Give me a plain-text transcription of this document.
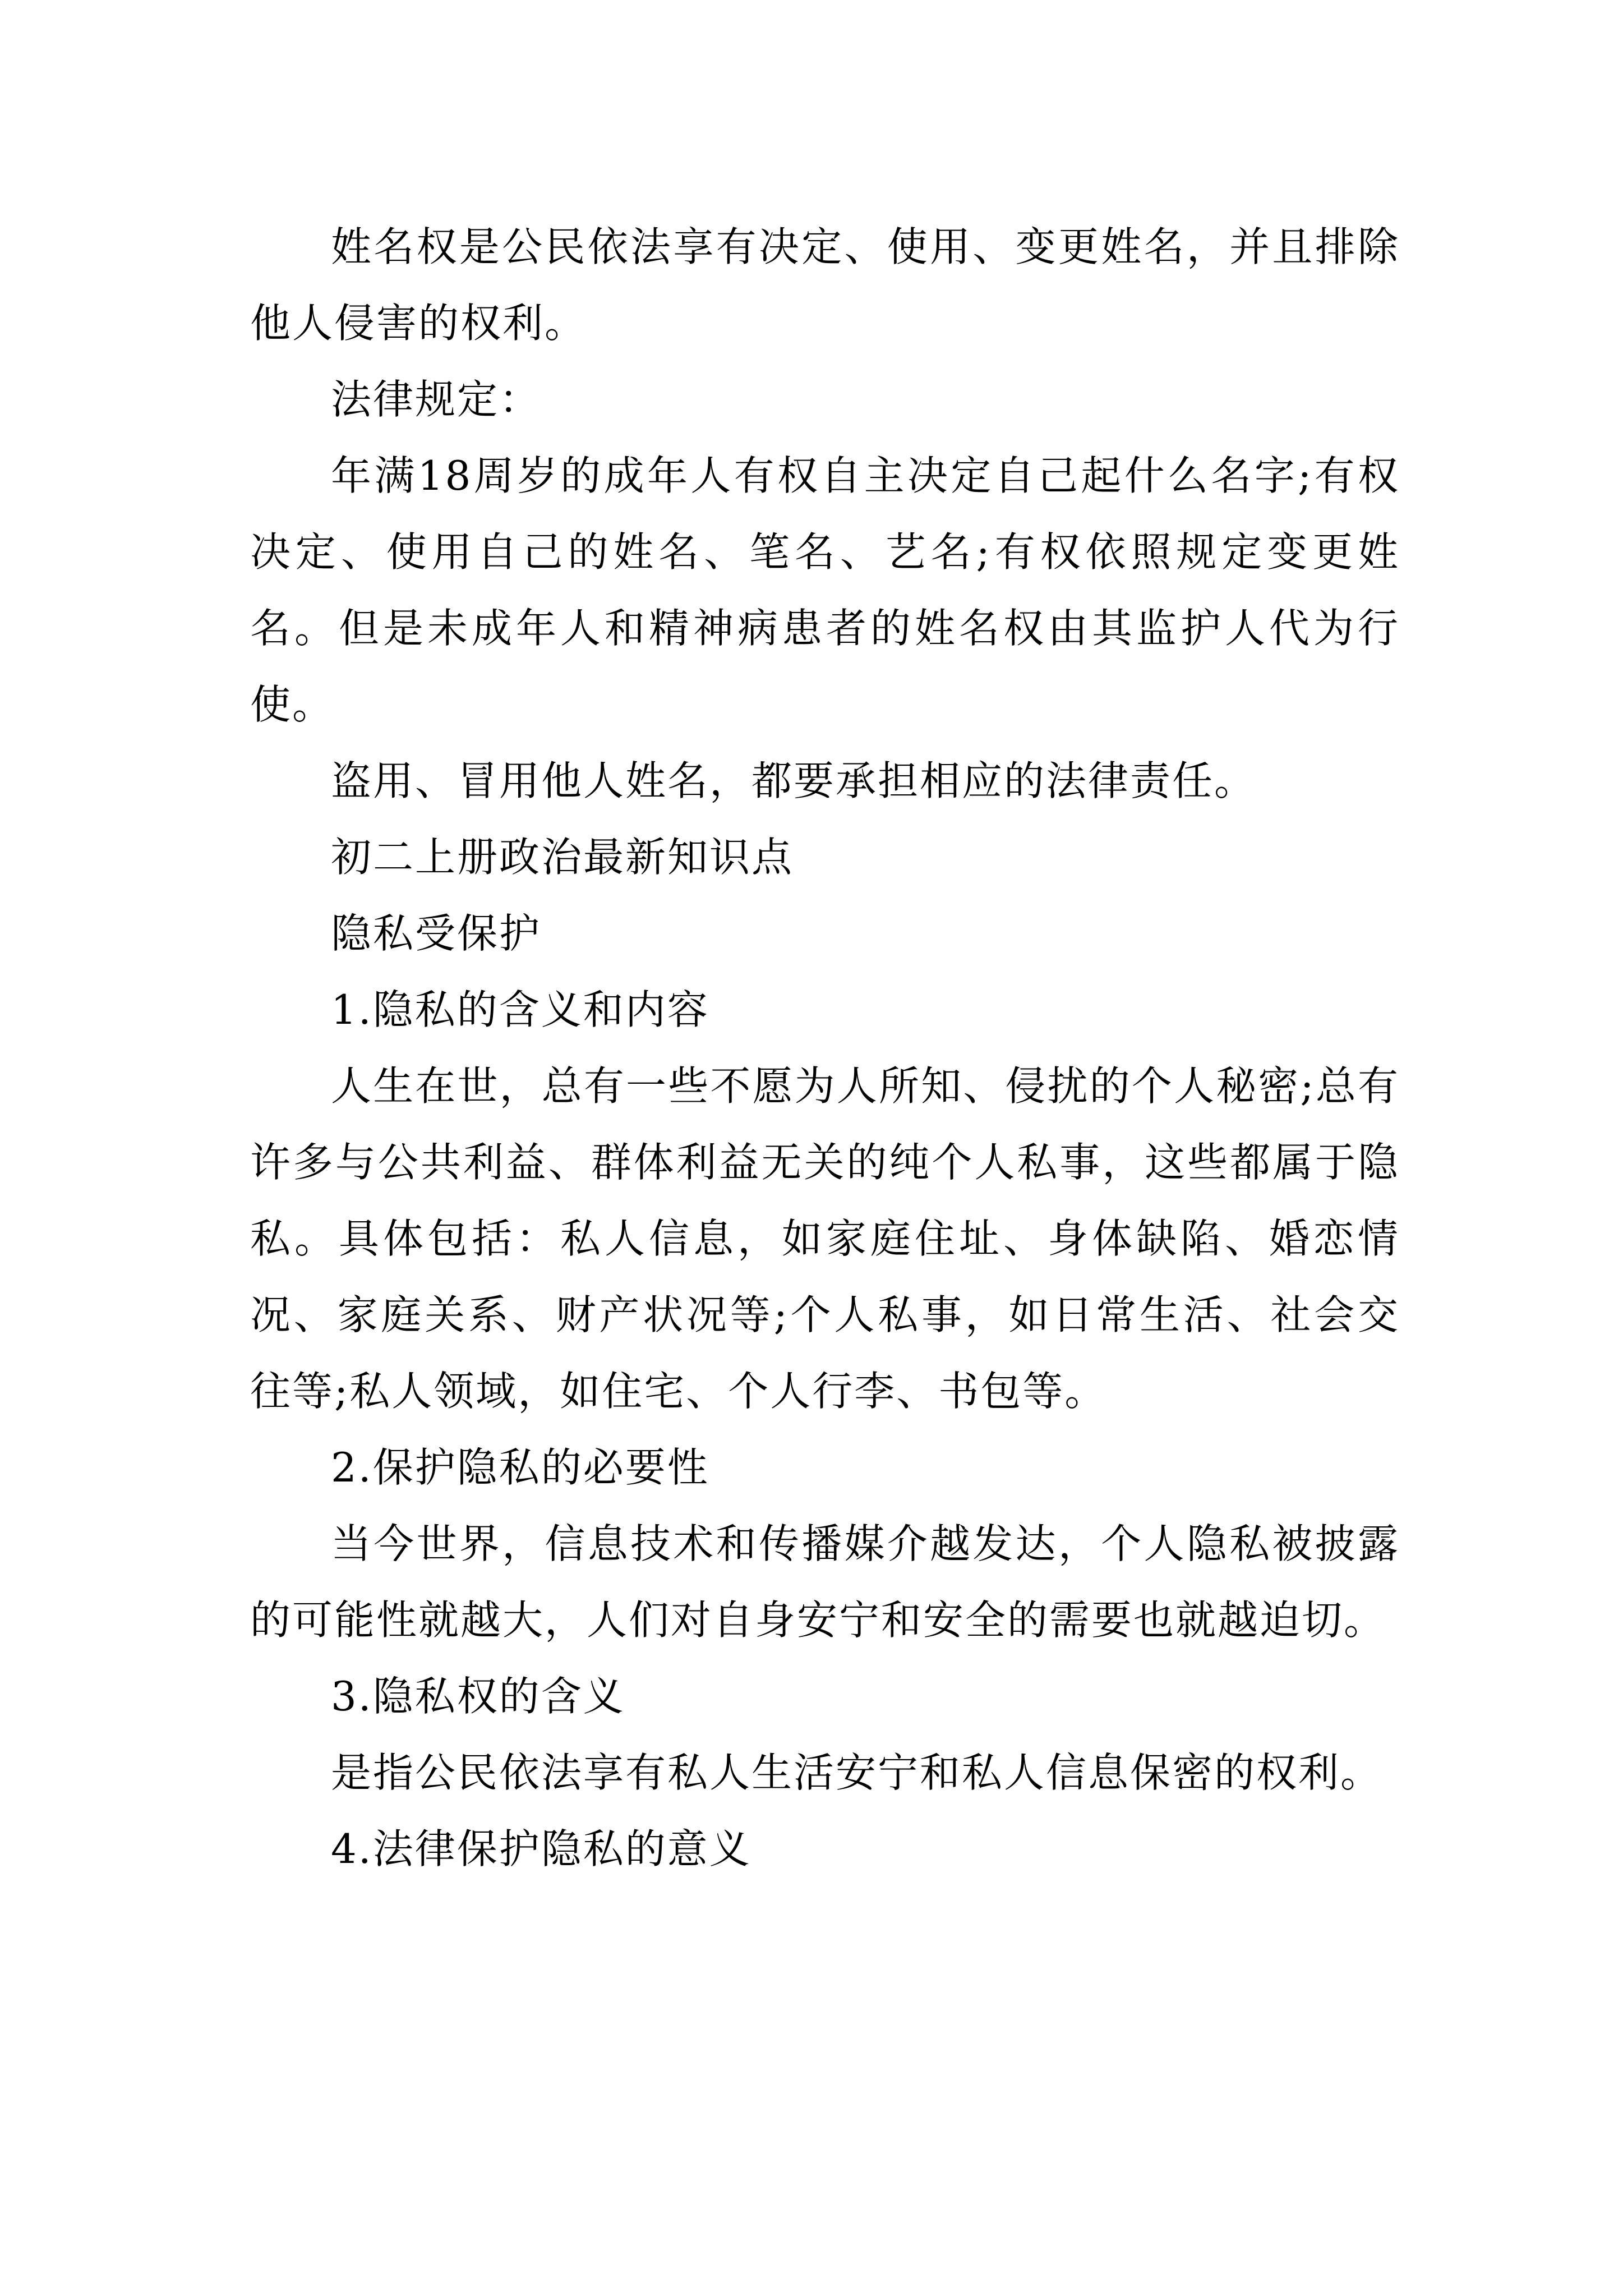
姓名权是公民依法享有决定、使用、变更姓名，并且排除他人侵害的权利。

法律规定：

年满18周岁的成年人有权自主决定自己起什么名字;有权决定、使用自己的姓名、笔名、艺名;有权依照规定变更姓名。但是未成年人和精神病患者的姓名权由其监护人代为行使。

盗用、冒用他人姓名，都要承担相应的法律责任。

初二上册政治最新知识点

隐私受保护

1.隐私的含义和内容

人生在世，总有一些不愿为人所知、侵扰的个人秘密;总有许多与公共利益、群体利益无关的纯个人私事，这些都属于隐私。具体包括：私人信息，如家庭住址、身体缺陷、婚恋情况、家庭关系、财产状况等;个人私事，如日常生活、社会交往等;私人领域，如住宅、个人行李、书包等。

2.保护隐私的必要性

当今世界，信息技术和传播媒介越发达，个人隐私被披露的可能性就越大，人们对自身安宁和安全的需要也就越迫切。

3.隐私权的含义

是指公民依法享有私人生活安宁和私人信息保密的权利。

4.法律保护隐私的意义
